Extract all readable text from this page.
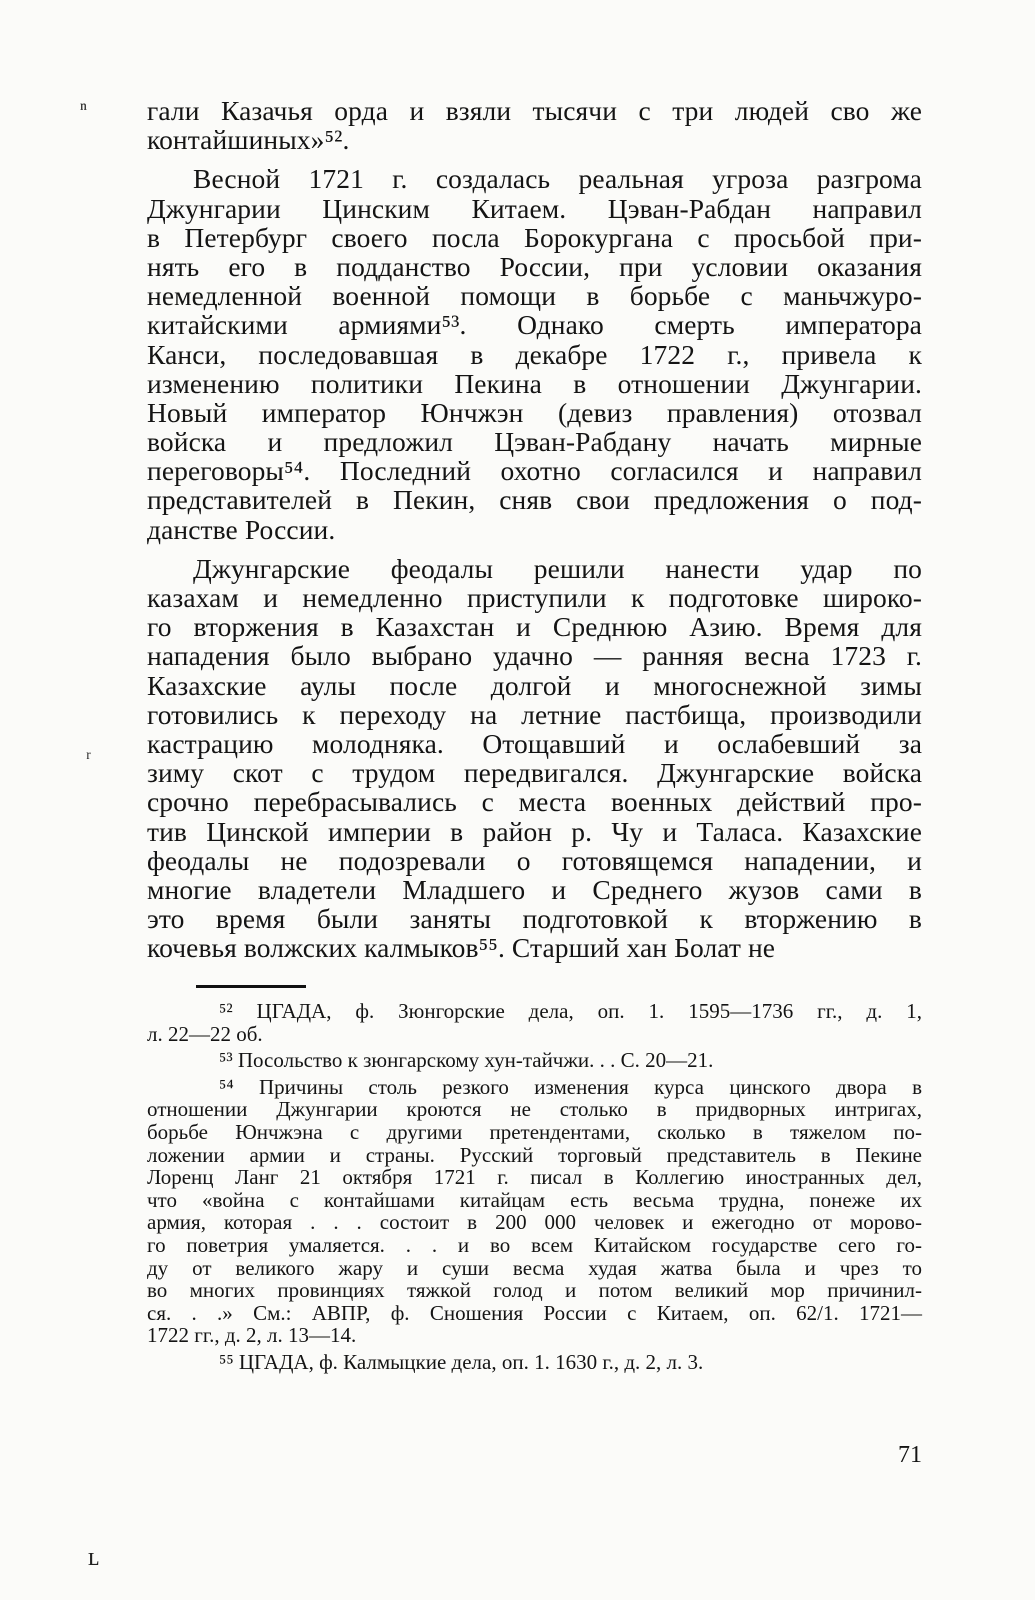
ⁿ
ʳ
ʟ
гали Казачья орда и взяли тысячи с три людей сво же
контайшиных»⁵².
Весной 1721 г. создалась реальная угроза разгрома
Джунгарии Цинским Китаем. Цэван-Рабдан направил
в Петербург своего посла Борокургана с просьбой при-
нять его в подданство России, при условии оказания
немедленной военной помощи в борьбе с маньчжуро-
китайскими армиями⁵³. Однако смерть императора
Канси, последовавшая в декабре 1722 г., привела к
изменению политики Пекина в отношении Джунгарии.
Новый император Юнчжэн (девиз правления) отозвал
войска и предложил Цэван-Рабдану начать мирные
переговоры⁵⁴. Последний охотно согласился и направил
представителей в Пекин, сняв свои предложения о под-
данстве России.
Джунгарские феодалы решили нанести удар по
казахам и немедленно приступили к подготовке широко-
го вторжения в Казахстан и Среднюю Азию. Время для
нападения было выбрано удачно — ранняя весна 1723 г.
Казахские аулы после долгой и многоснежной зимы
готовились к переходу на летние пастбища, производили
кастрацию молодняка. Отощавший и ослабевший за
зиму скот с трудом передвигался. Джунгарские войска
срочно перебрасывались с места военных действий про-
тив Цинской империи в район р. Чу и Таласа. Казахские
феодалы не подозревали о готовящемся нападении, и
многие владетели Младшего и Среднего жузов сами в
это время были заняты подготовкой к вторжению в
кочевья волжских калмыков⁵⁵. Старший хан Болат не
⁵² ЦГАДА, ф. Зюнгорские дела, оп. 1. 1595—1736 гг., д. 1,
л. 22—22 об.
⁵³ Посольство к зюнгарскому хун-тайчжи. . . С. 20—21.
⁵⁴ Причины столь резкого изменения курса цинского двора в
отношении Джунгарии кроются не столько в придворных интригах,
борьбе Юнчжэна с другими претендентами, сколько в тяжелом по-
ложении армии и страны. Русский торговый представитель в Пекине
Лоренц Ланг 21 октября 1721 г. писал в Коллегию иностранных дел,
что «война с контайшами китайцам есть весьма трудна, понеже их
армия, которая . . . состоит в 200 000 человек и ежегодно от морово-
го поветрия умаляется. . . и во всем Китайском государстве сего го-
ду от великого жару и суши весма худая жатва была и чрез то
во многих провинциях тяжкой голод и потом великий мор причинил-
ся. . .» См.: АВПР, ф. Сношения России с Китаем, оп. 62/1. 1721—
1722 гг., д. 2, л. 13—14.
⁵⁵ ЦГАДА, ф. Калмыцкие дела, оп. 1. 1630 г., д. 2, л. 3.
71
